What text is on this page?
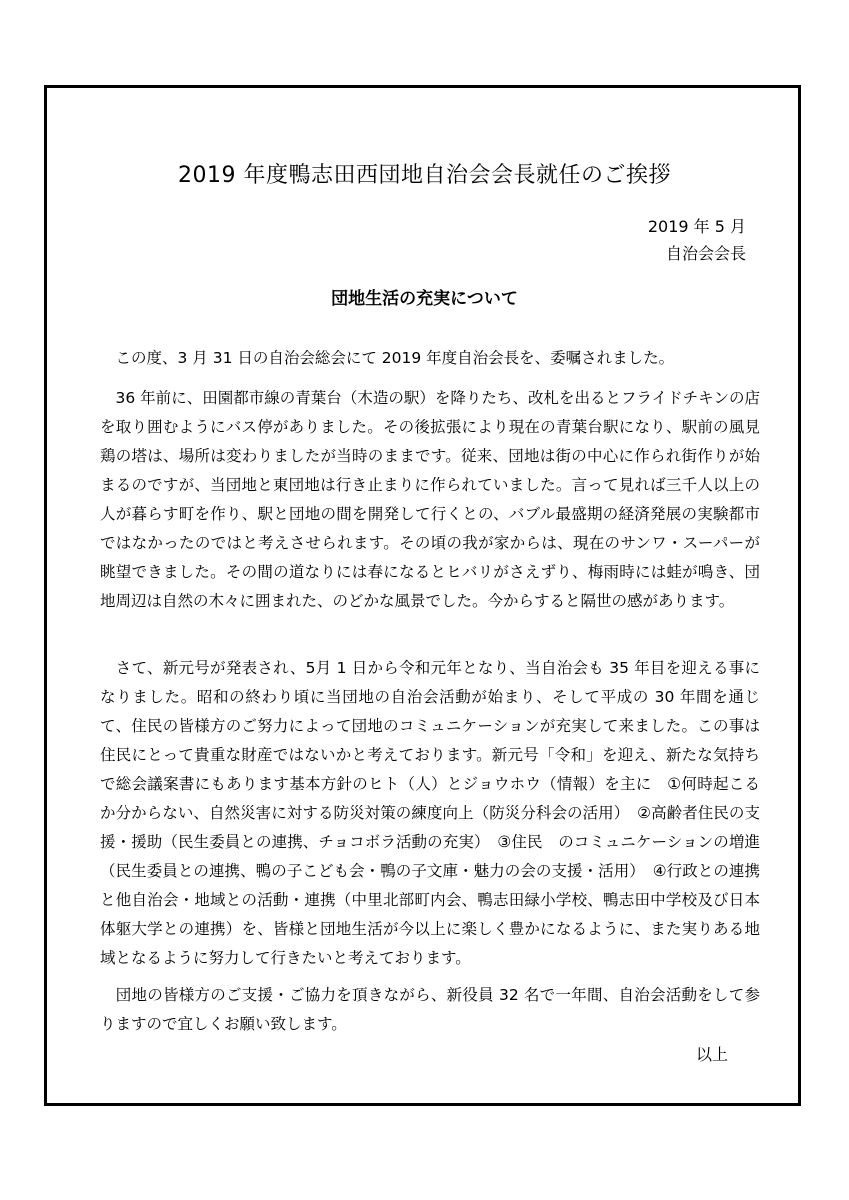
2019 年度鴨志田西団地自治会会長就任のご挨拶
2019 年 5 月
自治会会長
団地生活の充実について

　この度、3 月 31 日の自治会総会にて 2019 年度自治会長を、委嘱されました。

　36 年前に、田園都市線の青葉台（木造の駅）を降りたち、改札を出るとフライドチキンの店を取り囲むようにバス停がありました。その後拡張により現在の青葉台駅になり、駅前の風見鶏の塔は、場所は変わりましたが当時のままです。従来、団地は街の中心に作られ街作りが始まるのですが、当団地と東団地は行き止まりに作られていました。言って見れば三千人以上の人が暮らす町を作り、駅と団地の間を開発して行くとの、バブル最盛期の経済発展の実験都市ではなかったのではと考えさせられます。その頃の我が家からは、現在のサンワ・スーパーが眺望できました。その間の道なりには春になるとヒバリがさえずり、梅雨時には蛙が鳴き、団地周辺は自然の木々に囲まれた、のどかな風景でした。今からすると隔世の感があります。

　さて、新元号が発表され、5月 1 日から令和元年となり、当自治会も 35 年目を迎える事になりました。昭和の終わり頃に当団地の自治会活動が始まり、そして平成の 30 年間を通じて、住民の皆様方のご努力によって団地のコミュニケーションが充実して来ました。この事は住民にとって貴重な財産ではないかと考えております。新元号「令和」を迎え、新たな気持ちで総会議案書にもあります基本方針のヒト（人）とジョウホウ（情報）を主に　①何時起こるか分からない、自然災害に対する防災対策の練度向上（防災分科会の活用）　②高齢者住民の支援・援助（民生委員との連携、チョコボラ活動の充実）　③住民　のコミュニケーションの増進（民生委員との連携、鴨の子こども会・鴨の子文庫・魅力の会の支援・活用）　④行政との連携と他自治会・地域との活動・連携（中里北部町内会、鴨志田緑小学校、鴨志田中学校及び日本体躯大学との連携）を、皆様と団地生活が今以上に楽しく豊かになるように、また実りある地域となるように努力して行きたいと考えております。

　団地の皆様方のご支援・ご協力を頂きながら、新役員 32 名で一年間、自治会活動をして参りますので宜しくお願い致します。

以上
